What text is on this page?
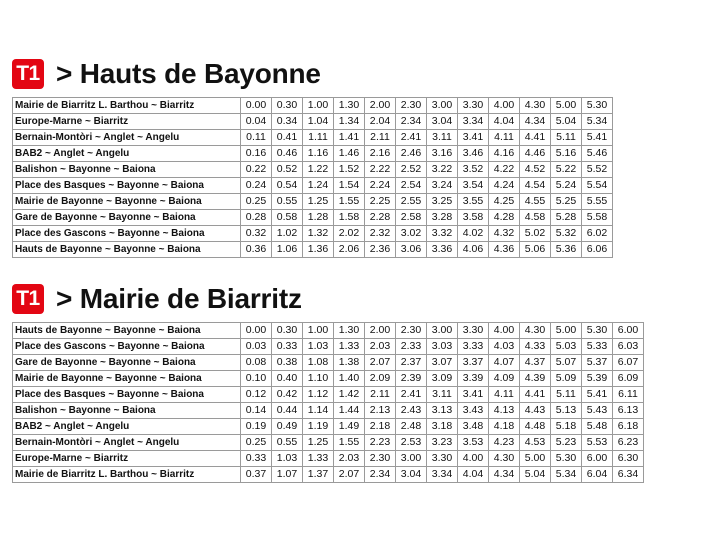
T1 > Hauts de Bayonne
Mairie de Biarritz L. Barthou ~ Biarritz	0.00	0.30	1.00	1.30	2.00	2.30	3.00	3.30	4.00	4.30	5.00	5.30
Europe-Marne ~ Biarritz	0.04	0.34	1.04	1.34	2.04	2.34	3.04	3.34	4.04	4.34	5.04	5.34
Bernain-Montòri ~ Anglet ~ Angelu	0.11	0.41	1.11	1.41	2.11	2.41	3.11	3.41	4.11	4.41	5.11	5.41
BAB2 ~ Anglet ~ Angelu	0.16	0.46	1.16	1.46	2.16	2.46	3.16	3.46	4.16	4.46	5.16	5.46
Balishon ~ Bayonne ~ Baiona	0.22	0.52	1.22	1.52	2.22	2.52	3.22	3.52	4.22	4.52	5.22	5.52
Place des Basques ~ Bayonne ~ Baiona	0.24	0.54	1.24	1.54	2.24	2.54	3.24	3.54	4.24	4.54	5.24	5.54
Mairie de Bayonne ~ Bayonne ~ Baiona	0.25	0.55	1.25	1.55	2.25	2.55	3.25	3.55	4.25	4.55	5.25	5.55
Gare de Bayonne ~ Bayonne ~ Baiona	0.28	0.58	1.28	1.58	2.28	2.58	3.28	3.58	4.28	4.58	5.28	5.58
Place des Gascons ~ Bayonne ~ Baiona	0.32	1.02	1.32	2.02	2.32	3.02	3.32	4.02	4.32	5.02	5.32	6.02
Hauts de Bayonne ~ Bayonne ~ Baiona	0.36	1.06	1.36	2.06	2.36	3.06	3.36	4.06	4.36	5.06	5.36	6.06
T1 > Mairie de Biarritz
Hauts de Bayonne ~ Bayonne ~ Baiona	0.00	0.30	1.00	1.30	2.00	2.30	3.00	3.30	4.00	4.30	5.00	5.30	6.00
Place des Gascons ~ Bayonne ~ Baiona	0.03	0.33	1.03	1.33	2.03	2.33	3.03	3.33	4.03	4.33	5.03	5.33	6.03
Gare de Bayonne ~ Bayonne ~ Baiona	0.08	0.38	1.08	1.38	2.07	2.37	3.07	3.37	4.07	4.37	5.07	5.37	6.07
Mairie de Bayonne ~ Bayonne ~ Baiona	0.10	0.40	1.10	1.40	2.09	2.39	3.09	3.39	4.09	4.39	5.09	5.39	6.09
Place des Basques ~ Bayonne ~ Baiona	0.12	0.42	1.12	1.42	2.11	2.41	3.11	3.41	4.11	4.41	5.11	5.41	6.11
Balishon ~ Bayonne ~ Baiona	0.14	0.44	1.14	1.44	2.13	2.43	3.13	3.43	4.13	4.43	5.13	5.43	6.13
BAB2 ~ Anglet ~ Angelu	0.19	0.49	1.19	1.49	2.18	2.48	3.18	3.48	4.18	4.48	5.18	5.48	6.18
Bernain-Montòri ~ Anglet ~ Angelu	0.25	0.55	1.25	1.55	2.23	2.53	3.23	3.53	4.23	4.53	5.23	5.53	6.23
Europe-Marne ~ Biarritz	0.33	1.03	1.33	2.03	2.30	3.00	3.30	4.00	4.30	5.00	5.30	6.00	6.30
Mairie de Biarritz L. Barthou ~ Biarritz	0.37	1.07	1.37	2.07	2.34	3.04	3.34	4.04	4.34	5.04	5.34	6.04	6.34
